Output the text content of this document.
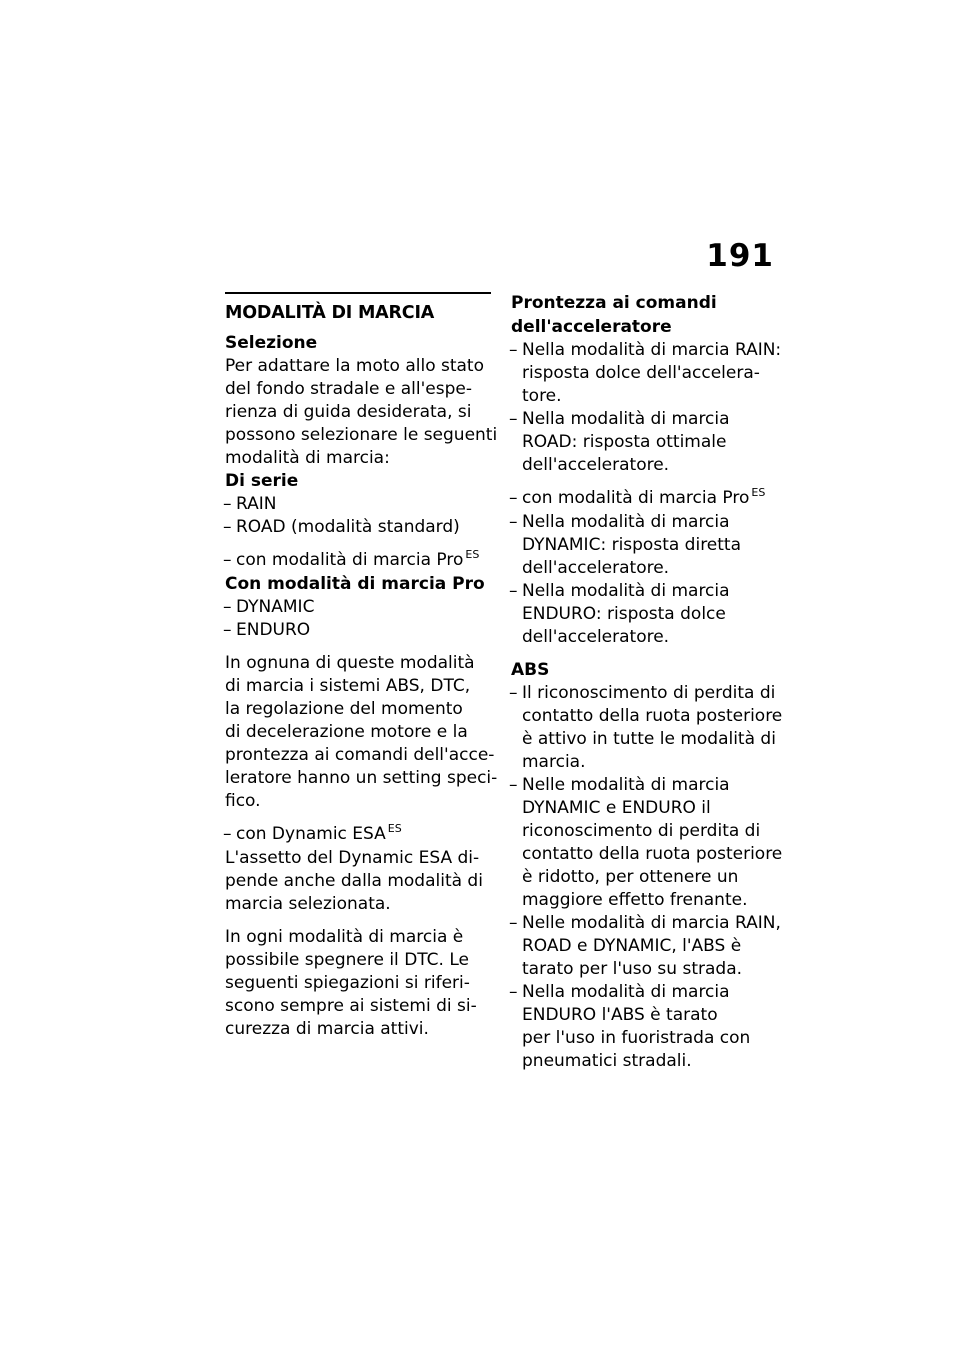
191
MODALITÀ DI MARCIA
Selezione
Per adattare la moto allo stato
del fondo stradale e all'espe-
rienza di guida desiderata, si
possono selezionare le seguenti
modalità di marcia:
Di serie
– RAIN
– ROAD (modalità standard)
– con modalità di marcia Pro $^{ES}$
Con modalità di marcia Pro
– DYNAMIC
– ENDURO
In ognuna di queste modalità
di marcia i sistemi ABS, DTC,
la regolazione del momento
di decelerazione motore e la
prontezza ai comandi dell'acce-
leratore hanno un setting speci-
fico.
– con Dynamic ESA $^{ES}$
L'assetto del Dynamic ESA di-
pende anche dalla modalità di
marcia selezionata.
In ogni modalità di marcia è
possibile spegnere il DTC. Le
seguenti spiegazioni si riferi-
scono sempre ai sistemi di si-
curezza di marcia attivi.
Prontezza ai comandi
dell'acceleratore
– Nella modalità di marcia RAIN:
risposta dolce dell'accelera-
tore.
– Nella modalità di marcia
ROAD: risposta ottimale
dell'acceleratore.
– con modalità di marcia Pro $^{ES}$
– Nella modalità di marcia
DYNAMIC: risposta diretta
dell'acceleratore.
– Nella modalità di marcia
ENDURO: risposta dolce
dell'acceleratore.
ABS
– Il riconoscimento di perdita di
contatto della ruota posteriore
è attivo in tutte le modalità di
marcia.
– Nelle modalità di marcia
DYNAMIC e ENDURO il
riconoscimento di perdita di
contatto della ruota posteriore
è ridotto, per ottenere un
maggiore effetto frenante.
– Nelle modalità di marcia RAIN,
ROAD e DYNAMIC, l'ABS è
tarato per l'uso su strada.
– Nella modalità di marcia
ENDURO l'ABS è tarato
per l'uso in fuoristrada con
pneumatici stradali.
